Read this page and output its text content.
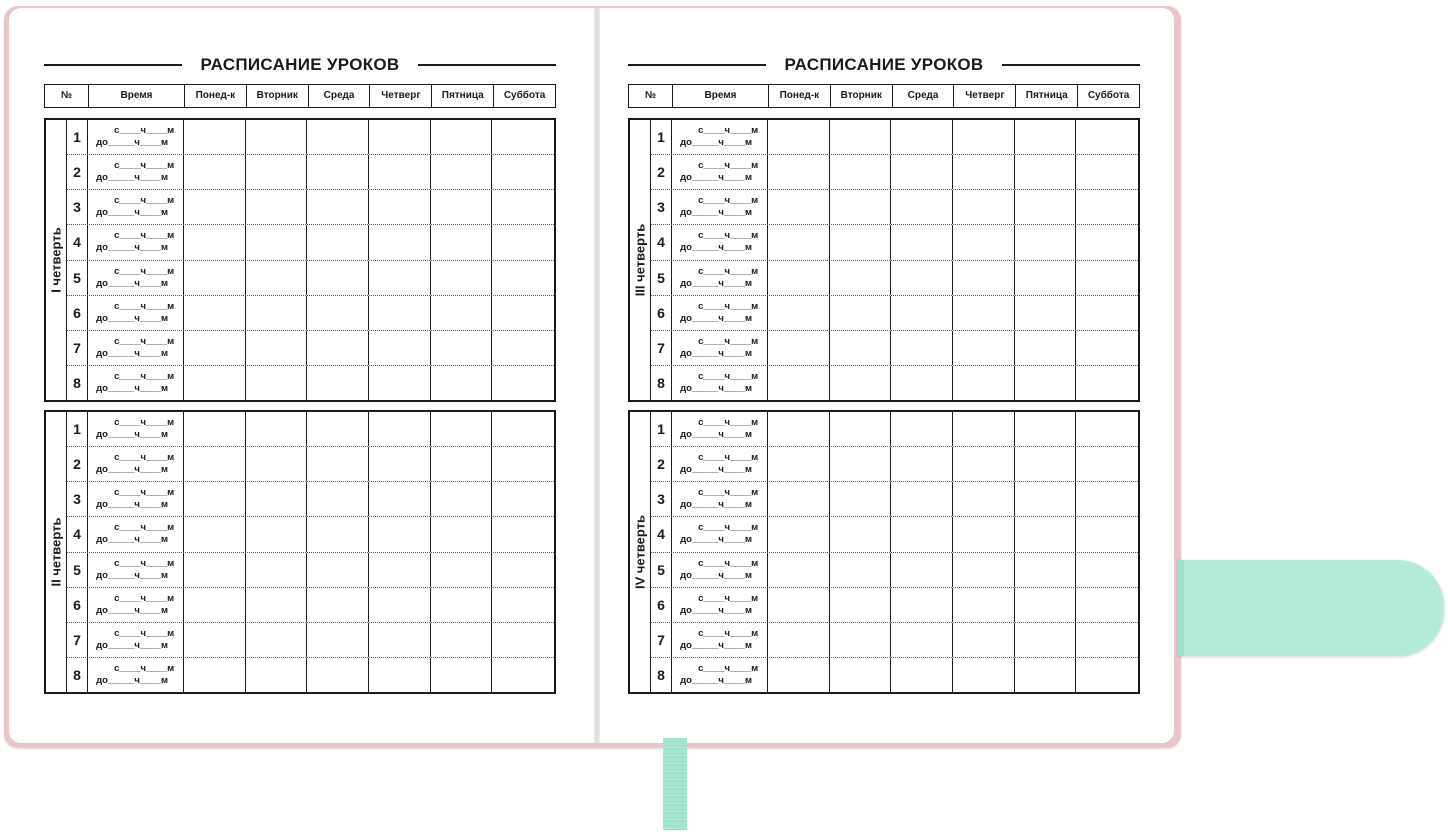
РАСПИСАНИЕ УРОКОВ
№	Время	Понед-к	Вторник	Среда	Четверг	Пятница	Суббота
I четверть
1	с____ч____м
до_____ч____м
2	с____ч____м
до_____ч____м
3	с____ч____м
до_____ч____м
4	с____ч____м
до_____ч____м
5	с____ч____м
до_____ч____м
6	с____ч____м
до_____ч____м
7	с____ч____м
до_____ч____м
8	с____ч____м
до_____ч____м
II четверть
1	с____ч____м
до_____ч____м
2	с____ч____м
до_____ч____м
3	с____ч____м
до_____ч____м
4	с____ч____м
до_____ч____м
5	с____ч____м
до_____ч____м
6	с____ч____м
до_____ч____м
7	с____ч____м
до_____ч____м
8	с____ч____м
до_____ч____м
РАСПИСАНИЕ УРОКОВ
№	Время	Понед-к	Вторник	Среда	Четверг	Пятница	Суббота
III четверть
1	с____ч____м
до_____ч____м
2	с____ч____м
до_____ч____м
3	с____ч____м
до_____ч____м
4	с____ч____м
до_____ч____м
5	с____ч____м
до_____ч____м
6	с____ч____м
до_____ч____м
7	с____ч____м
до_____ч____м
8	с____ч____м
до_____ч____м
IV четверть
1	с____ч____м
до_____ч____м
2	с____ч____м
до_____ч____м
3	с____ч____м
до_____ч____м
4	с____ч____м
до_____ч____м
5	с____ч____м
до_____ч____м
6	с____ч____м
до_____ч____м
7	с____ч____м
до_____ч____м
8	с____ч____м
до_____ч____м
